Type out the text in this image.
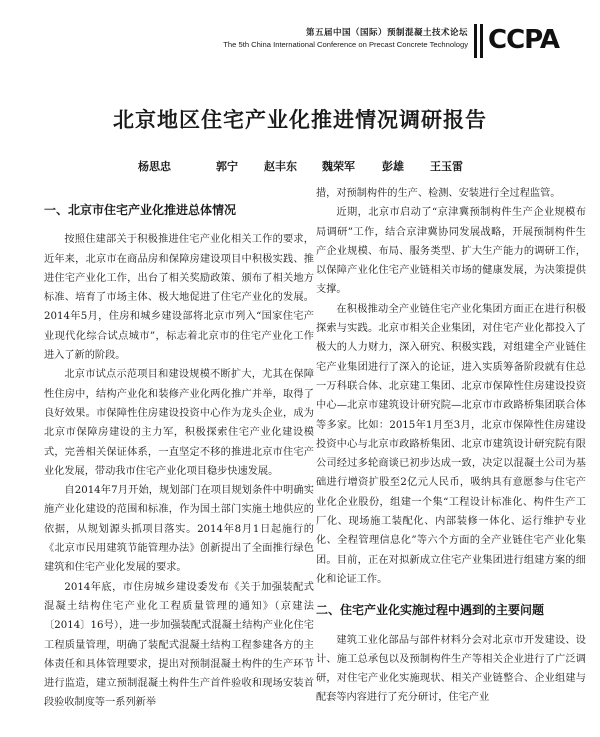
第五届中国（国际）预制混凝土技术论坛
The 5th China International Conference on Precast Concrete Technology CCPA
北京地区住宅产业化推进情况调研报告
杨思忠	郭宁 赵丰东 魏荣军 彭雄 王玉雷
一、北京市住宅产业化推进总体情况

按照住建部关于积极推进住宅产业化相关工作的要求，近年来，北京市在商品房和保障房建设项目中积极实践、推进住宅产业化工作，出台了相关奖励政策、颁布了相关地方标准、培育了市场主体、极大地促进了住宅产业化的发展。2014年5月，住房和城乡建设部将北京市列入“国家住宅产业现代化综合试点城市”，标志着北京市的住宅产业化工作进入了新的阶段。

北京市试点示范项目和建设规模不断扩大，尤其在保障性住房中，结构产业化和装修产业化两化推广并举，取得了良好效果。市保障性住房建设投资中心作为龙头企业，成为北京市保障房建设的主力军，积极探索住宅产业化建设模式，完善相关保证体系，一直坚定不移的推进北京市住宅产业化发展，带动我市住宅产业化项目稳步快速发展。

自2014年7月开始，规划部门在项目规划条件中明确实施产业化建设的范围和标准，作为国土部门实施土地供应的依据，从规划源头抓项目落实。2014年8月1日起施行的《北京市民用建筑节能管理办法》创新提出了全面推行绿色建筑和住宅产业化发展的要求。

2014年底，市住房城乡建设委发布《关于加强装配式混凝土结构住宅产业化工程质量管理的通知》（京建法〔2014〕16号），进一步加强装配式混凝土结构产业化住宅工程质量管理，明确了装配式混凝土结构工程参建各方的主体责任和具体管理要求，提出对预制混凝土构件的生产环节进行监造，建立预制混凝土构件生产首件验收和现场安装首段验收制度等一系列新举

措，对预制构件的生产、检测、安装进行全过程监管。

近期，北京市启动了“京津冀预制构件生产企业规模布局调研”工作，结合京津冀协同发展战略，开展预制构件生产企业规模、布局、服务类型、扩大生产能力的调研工作，以保障产业化住宅产业链相关市场的健康发展，为决策提供支撑。

在积极推动全产业链住宅产业化集团方面正在进行积极探索与实践。北京市相关企业集团，对住宅产业化都投入了极大的人力财力，深入研究、积极实践，对组建全产业链住宅产业集团进行了深入的论证，进入实质筹备阶段就有住总一万科联合体、北京建工集团、北京市保障性住房建设投资中心—北京市建筑设计研究院—北京市市政路桥集团联合体等多家。比如：2015年1月至3月，北京市保障性住房建设投资中心与北京市政路桥集团、北京市建筑设计研究院有限公司经过多轮商谈已初步达成一致，决定以混凝土公司为基础进行增资扩股至2亿元人民币，吸纳具有意愿参与住宅产业化企业股份，组建一个集“工程设计标准化、构件生产工厂化、现场施工装配化、内部装修一体化、运行维护专业化、全程管理信息化”等六个方面的全产业链住宅产业化集团。目前，正在对拟新成立住宅产业集团进行组建方案的细化和论证工作。

二、住宅产业化实施过程中遇到的主要问题

建筑工业化部品与部件材料分会对北京市开发建设、设计、施工总承包以及预制构件生产等相关企业进行了广泛调研，对住宅产业化实施现状、相关产业链整合、企业组建与配套等内容进行了充分研讨，住宅产业
